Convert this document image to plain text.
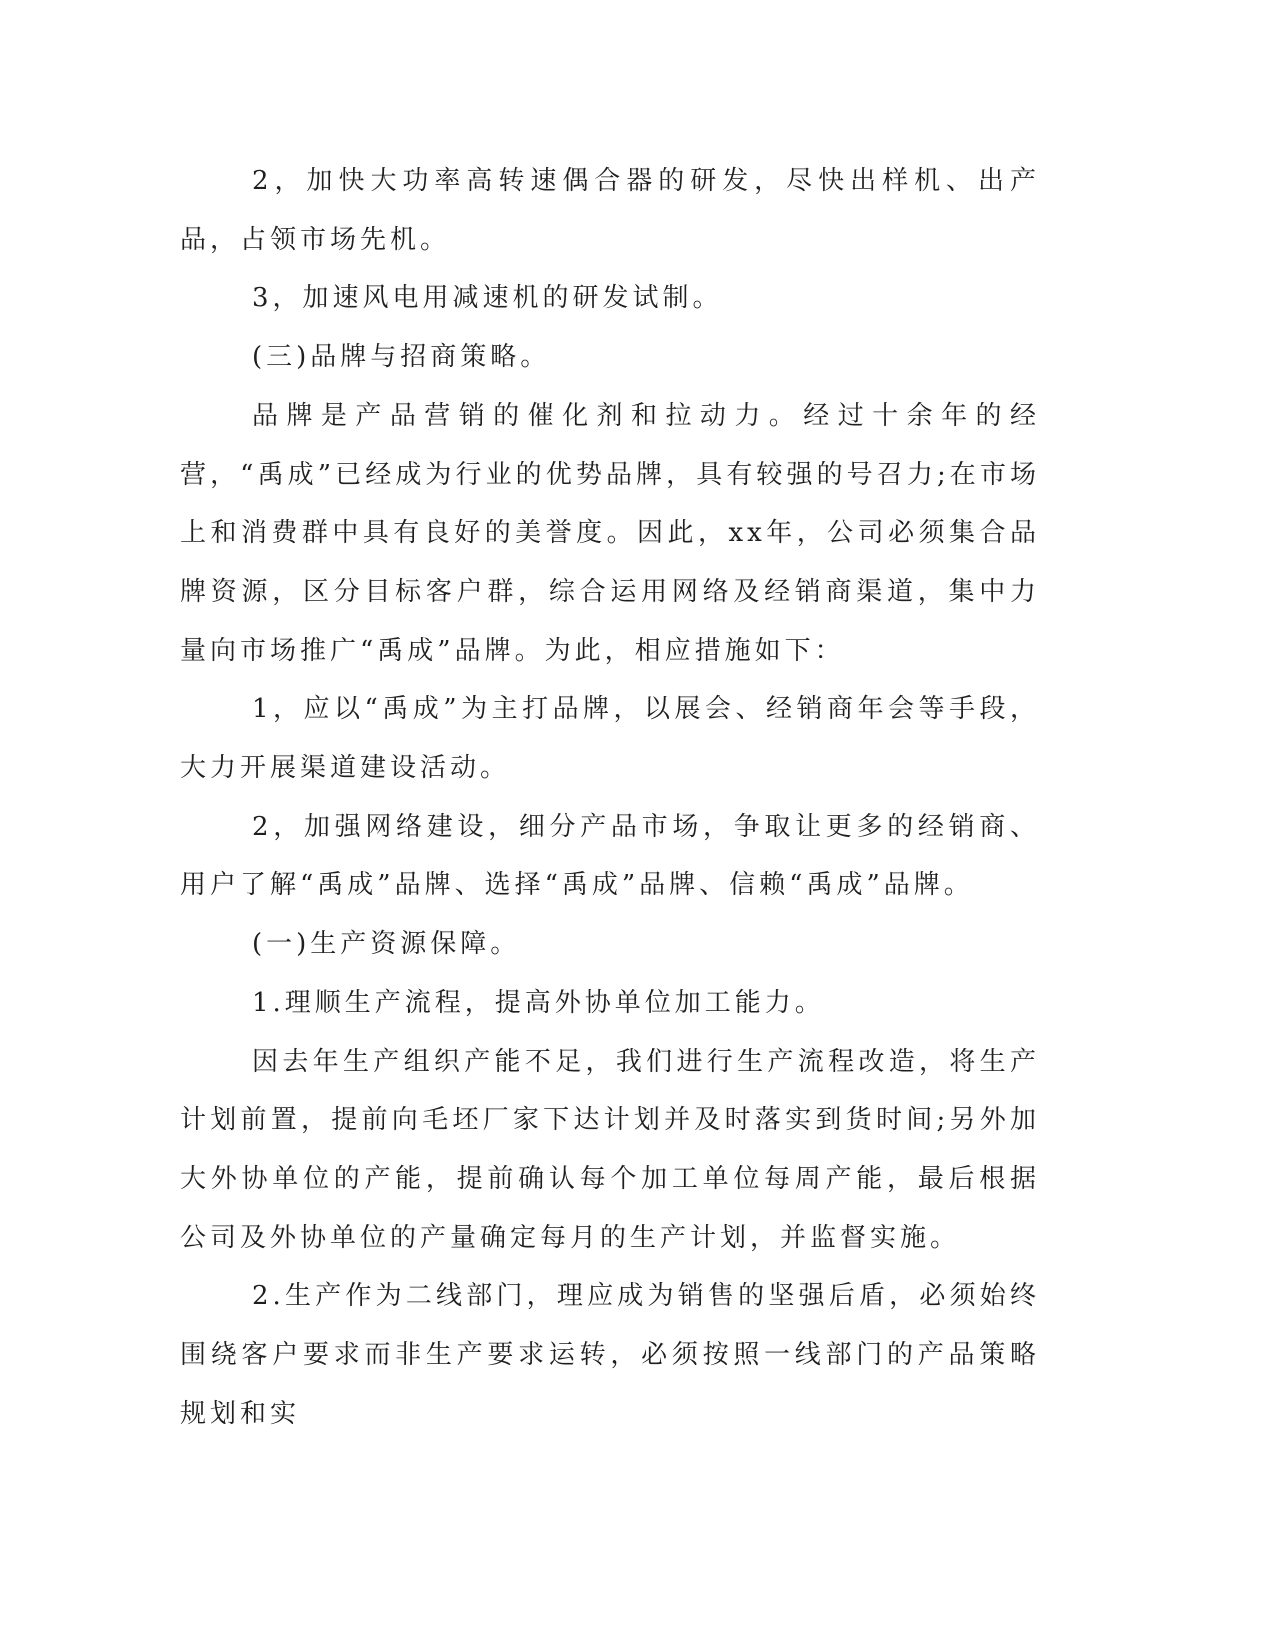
2，加快大功率高转速偶合器的研发，尽快出样机、出产品，占领市场先机。

3，加速风电用减速机的研发试制。

(三)品牌与招商策略。

品牌是产品营销的催化剂和拉动力。经过十余年的经营，“禹成”已经成为行业的优势品牌，具有较强的号召力;在市场上和消费群中具有良好的美誉度。因此，xx年，公司必须集合品牌资源，区分目标客户群，综合运用网络及经销商渠道，集中力量向市场推广“禹成”品牌。为此，相应措施如下：

1，应以“禹成”为主打品牌，以展会、经销商年会等手段，大力开展渠道建设活动。

2，加强网络建设，细分产品市场，争取让更多的经销商、用户了解“禹成”品牌、选择“禹成”品牌、信赖“禹成”品牌。

(一)生产资源保障。

1.理顺生产流程，提高外协单位加工能力。

因去年生产组织产能不足，我们进行生产流程改造，将生产计划前置，提前向毛坯厂家下达计划并及时落实到货时间;另外加大外协单位的产能，提前确认每个加工单位每周产能，最后根据公司及外协单位的产量确定每月的生产计划，并监督实施。

2.生产作为二线部门，理应成为销售的坚强后盾，必须始终围绕客户要求而非生产要求运转，必须按照一线部门的产品策略规划和实
